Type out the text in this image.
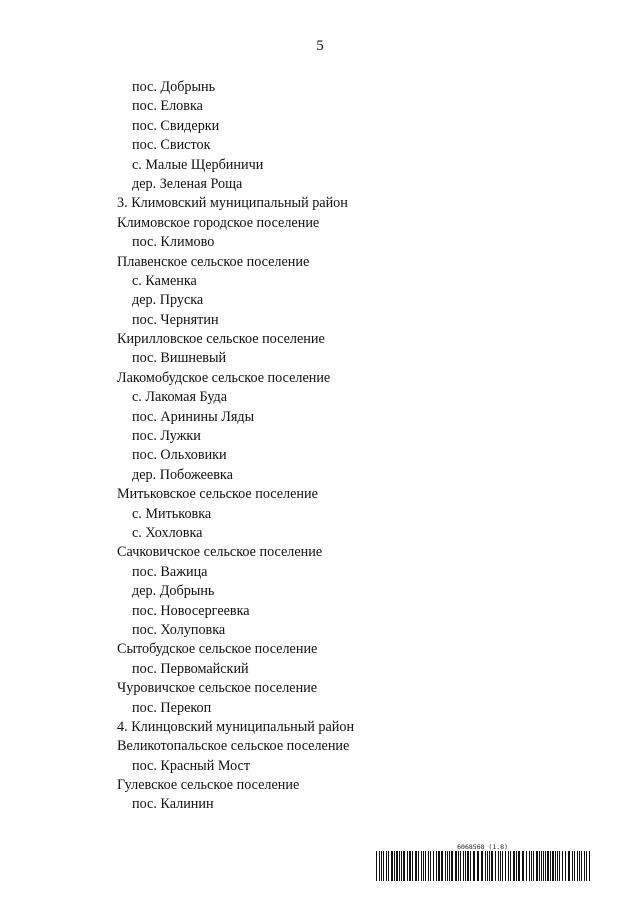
5
пос. Добрынь
пос. Еловка
пос. Свидерки
пос. Свисток
с. Малые Щербиничи
дер. Зеленая Роща
3. Климовский муниципальный район
Климовское городское поселение
пос. Климово
Плавенское сельское поселение
с. Каменка
дер. Пруска
пос. Чернятин
Кирилловское сельское поселение
пос. Вишневый
Лакомобудское сельское поселение
с. Лакомая Буда
пос. Аринины Ляды
пос. Лужки
пос. Ольховики
дер. Побожеевка
Митьковское сельское поселение
с. Митьковка
с. Хохловка
Сачковичское сельское поселение
пос. Важица
дер. Добрынь
пос. Новосергеевка
пос. Холуповка
Сытобудское сельское поселение
пос. Первомайский
Чуровичское сельское поселение
пос. Перекоп
4. Клинцовский муниципальный район
Великотопальское сельское поселение
пос. Красный Мост
Гулевское сельское поселение
пос. Калинин
6068568 (1.8)
